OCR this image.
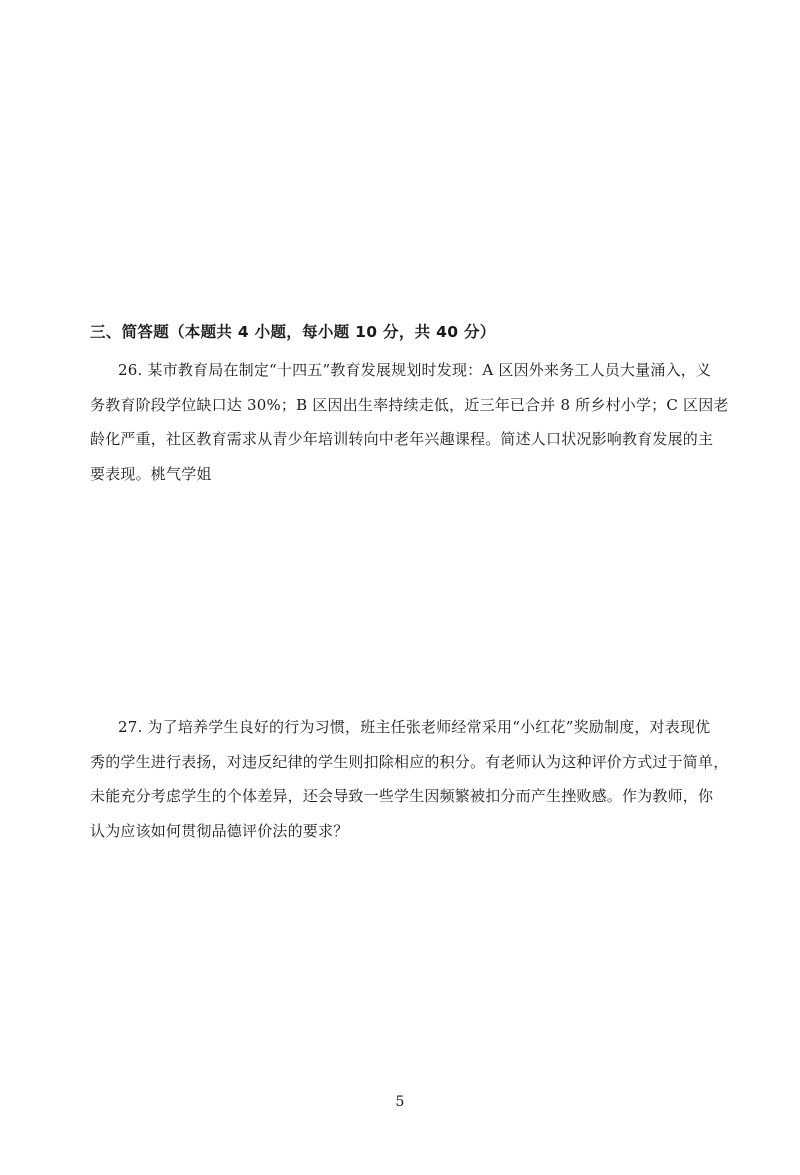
三、简答题（本题共 4 小题，每小题 10 分，共 40 分）
26. 某市教育局在制定“十四五”教育发展规划时发现：A 区因外来务工人员大量涌入，义
务教育阶段学位缺口达 30%；B 区因出生率持续走低，近三年已合并 8 所乡村小学；C 区因老
龄化严重，社区教育需求从青少年培训转向中老年兴趣课程。简述人口状况影响教育发展的主
要表现。桃气学姐
27. 为了培养学生良好的行为习惯，班主任张老师经常采用“小红花”奖励制度，对表现优
秀的学生进行表扬，对违反纪律的学生则扣除相应的积分。有老师认为这种评价方式过于简单，
未能充分考虑学生的个体差异，还会导致一些学生因频繁被扣分而产生挫败感。作为教师，你
认为应该如何贯彻品德评价法的要求？
5
